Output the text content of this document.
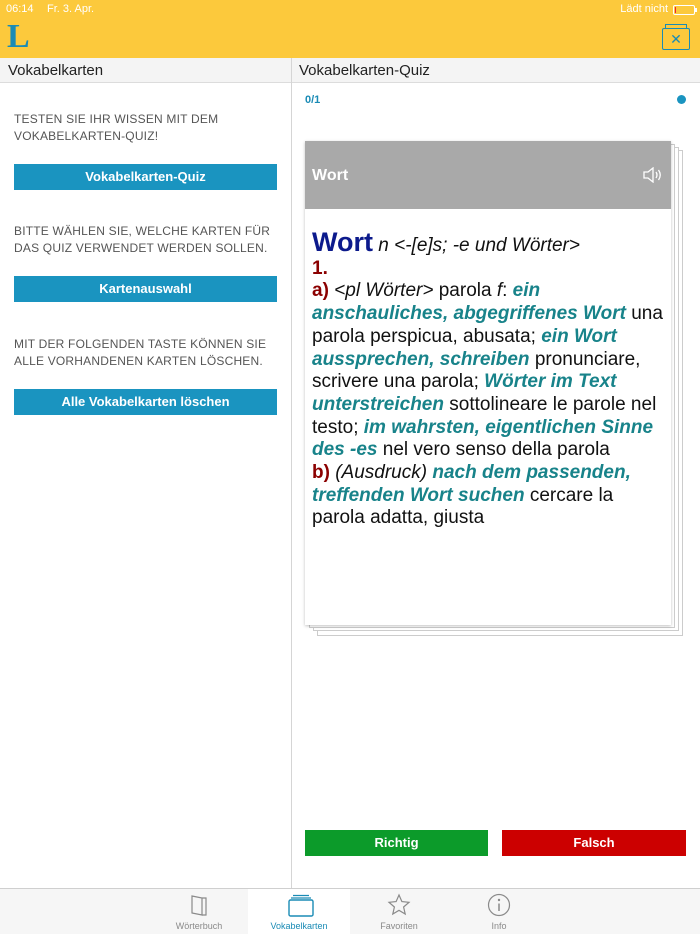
06:14 Fr. 3. Apr.	Lädt nicht
L	✕
Vokabelkarten	Vokabelkarten-Quiz
TESTEN SIE IHR WISSEN MIT DEM VOKABELKARTEN-QUIZ!
Vokabelkarten-Quiz
BITTE WÄHLEN SIE, WELCHE KARTEN FÜR DAS QUIZ VERWENDET WERDEN SOLLEN.
Kartenauswahl
MIT DER FOLGENDEN TASTE KÖNNEN SIE ALLE VORHANDENEN KARTEN LÖSCHEN.
Alle Vokabelkarten löschen
0/1
Wort
Wort n <-[e]s; -e und Wörter>
1.
a) <pl Wörter> parola f: ein anschauliches, abgegriffenes Wort una parola perspicua, abusata; ein Wort aussprechen, schreiben pronunciare, scrivere una parola; Wörter im Text unterstreichen sottolineare le parole nel testo; im wahrsten, eigentlichen Sinne des -es nel vero senso della parola
b) (Ausdruck) nach dem passenden, treffenden Wort suchen cercare la parola adatta, giusta
Richtig	Falsch
Wörterbuch	Vokabelkarten	Favoriten	Info
